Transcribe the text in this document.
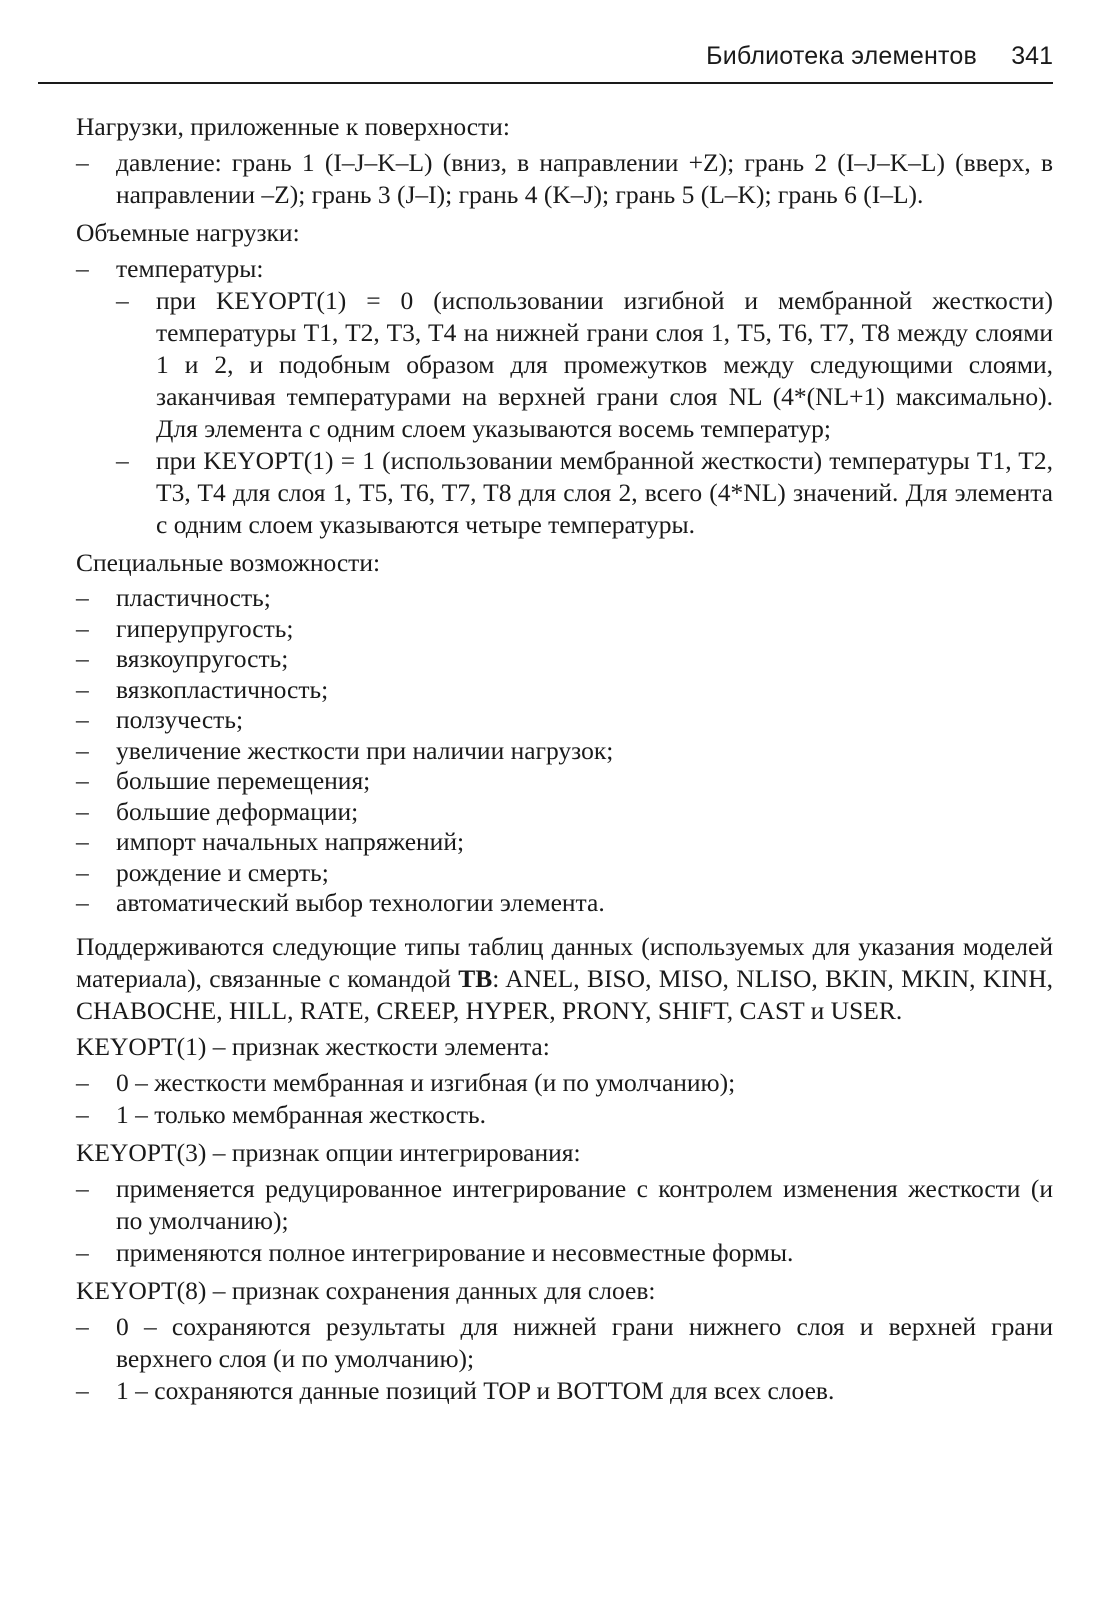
Библиотека элементов 341

Нагрузки, приложенные к поверхности:

– давление: грань 1 (I–J–K–L) (вниз, в направлении +Z); грань 2 (I–J–K–L) (вверх, в направлении –Z); грань 3 (J–I); грань 4 (K–J); грань 5 (L–K); грань 6 (I–L).

Объемные нагрузки:

– температуры:
– при KEYOPT(1) = 0 (использовании изгибной и мембранной жесткости) температуры T1, T2, T3, T4 на нижней грани слоя 1, T5, T6, T7, T8 между слоями 1 и 2, и подобным образом для промежутков между следующими слоями, заканчивая температурами на верхней грани слоя NL (4*(NL+1) максимально). Для элемента с одним слоем указываются восемь температур;
– при KEYOPT(1) = 1 (использовании мембранной жесткости) температуры T1, T2, T3, T4 для слоя 1, T5, T6, T7, T8 для слоя 2, всего (4*NL) значений. Для элемента с одним слоем указываются четыре температуры.

Специальные возможности:

– пластичность;
– гиперупругость;
– вязкоупругость;
– вязкопластичность;
– ползучесть;
– увеличение жесткости при наличии нагрузок;
– большие перемещения;
– большие деформации;
– импорт начальных напряжений;
– рождение и смерть;
– автоматический выбор технологии элемента.

Поддерживаются следующие типы таблиц данных (используемых для указания моделей материала), связанные с командой TB: ANEL, BISO, MISO, NLISO, BKIN, MKIN, KINH, CHABOCHE, HILL, RATE, CREEP, HYPER, PRONY, SHIFT, CAST и USER.

KEYOPT(1) – признак жесткости элемента:

– 0 – жесткости мембранная и изгибная (и по умолчанию);
– 1 – только мембранная жесткость.

KEYOPT(3) – признак опции интегрирования:

– применяется редуцированное интегрирование с контролем изменения жесткости (и по умолчанию);
– применяются полное интегрирование и несовместные формы.

KEYOPT(8) – признак сохранения данных для слоев:

– 0 – сохраняются результаты для нижней грани нижнего слоя и верхней грани верхнего слоя (и по умолчанию);
– 1 – сохраняются данные позиций TOP и BOTTOM для всех слоев.
